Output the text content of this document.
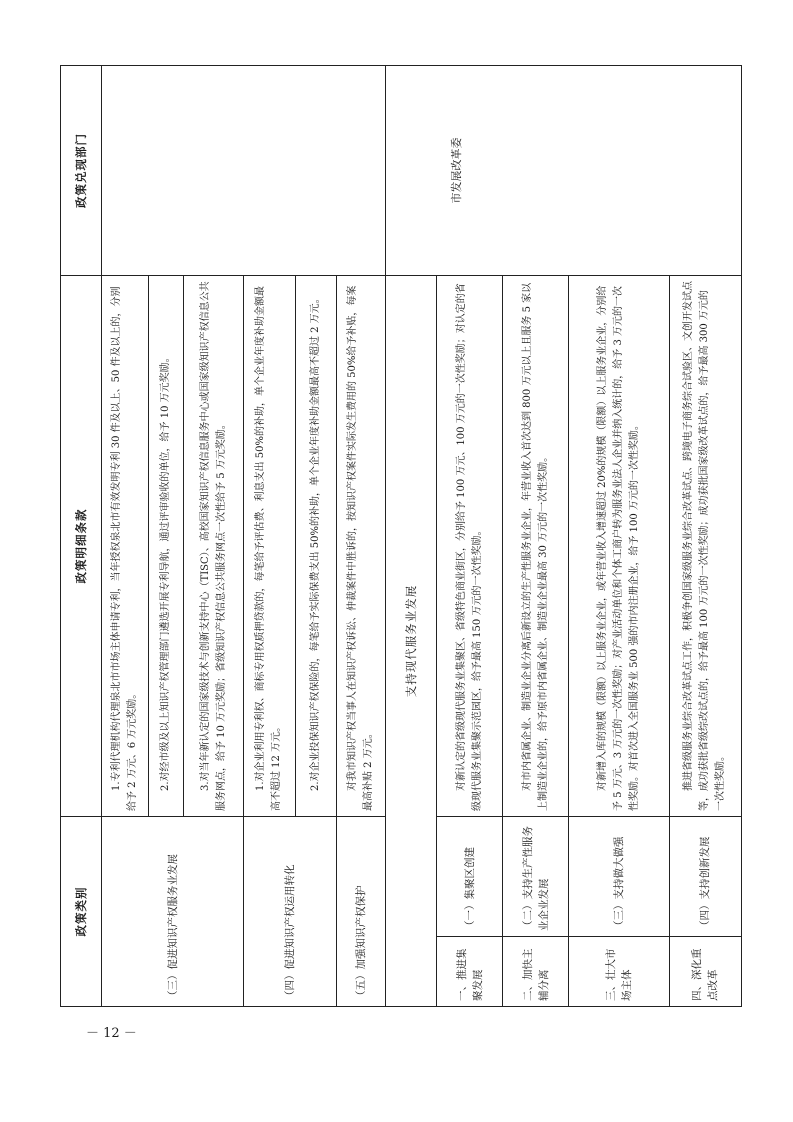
政策类别		政策明细条款	政策兑现部门
（三）促进知识产权服务业发展		1.专利代理机构代理泉北市市场主体申请专利，当年授权泉北市有效发明专利 30 件及以上、50 件及以上的，分别给予 2 万元、6 万元奖励。	
		2.对经市级及以上知识产权管理部门遴选开展专利导航，通过评审验收的单位，给予 10 万元奖励。	
		3.对当年新认定的国家级技术与创新支持中心（TISC）、高校国家知识产权信息服务中心或国家级知识产权信息公共服务网点，给予 10 万元奖励；省级知识产权信息公共服务网点一次性给予 5 万元奖励。	
（四）促进知识产权运用转化		1.对企业利用专利权、商标专用权质押贷款的，每笔给予评估费、利息支出 50%的补助，单个企业年度补助金额最高不超过 12 万元。	
		2.对企业投保知识产权保险的，每笔给予实际保费支出 50%的补助，单个企业年度补助金额最高不超过 2 万元。	
（五）加强知识产权保护		对我市知识产权当事人在知识产权诉讼、仲裁案件中胜诉的，按知识产权案件实际发生费用的 50%给予补贴，每案最高补贴 2 万元。	
支持现代服务业发展			
一、推进集聚发展	（一）集聚区创建	对新认定的省级现代服务业集聚区、省级特色商业街区，分别给予 100 万元、100 万元的一次性奖励；对认定的省级现代服务业集聚示范园区，给予最高 150 万元的一次性奖励。	市发展改革委
二、加快主辅分离	（二）支持生产性服务业企业发展	对市内省属企业、制造业企业分离后新设立的生产性服务业企业，年营业收入首次达到 800 万元以上且服务 5 家以上制造业企业的，给予原市内省属企业、制造业企业最高 30 万元的一次性奖励。	
三、壮大市场主体	（三）支持做大做强	对新增入库的规模（限额）以上服务业企业，或年营业收入增速超过 20%的规模（限额）以上服务业企业，分别给予 5 万元、3 万元的一次性奖励；对产业活动单位和个体工商户转为服务业法人企业并纳入统计的，给予 3 万元的一次性奖励。对首次进入全国服务业 500 强的市内注册企业，给予 100 万元的一次性奖励。	
四、深化重点改革	（四）支持创新发展	推进省级服务业综合改革试点工作，积极争创国家级服务业综合改革试点、跨境电子商务综合试验区、文创开发试点等，成功获批省级综改试点的，给予最高 100 万元的一次性奖励；成功获批国家级改革试点的，给予最高 300 万元的一次性奖励。	
－ 12 －
